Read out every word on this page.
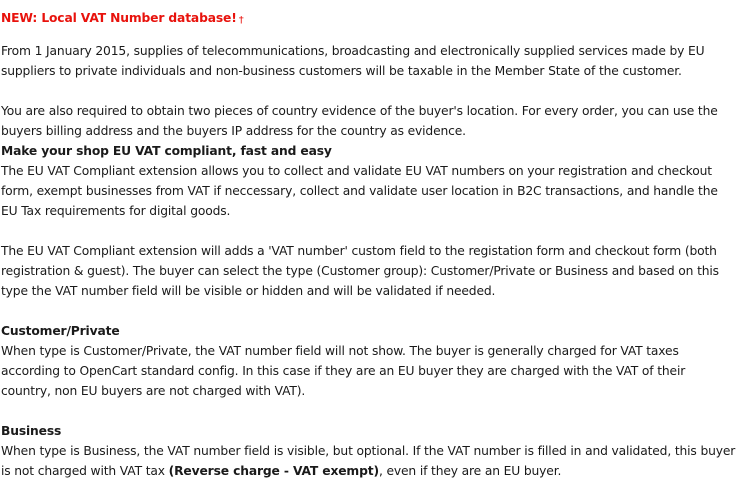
NEW: Local VAT Number database! †

From 1 January 2015, supplies of telecommunications, broadcasting and electronically supplied services made by EU suppliers to private individuals and non-business customers will be taxable in the Member State of the customer.

You are also required to obtain two pieces of country evidence of the buyer's location. For every order, you can use the buyers billing address and the buyers IP address for the country as evidence.

Make your shop EU VAT compliant, fast and easy

The EU VAT Compliant extension allows you to collect and validate EU VAT numbers on your registration and checkout form, exempt businesses from VAT if neccessary, collect and validate user location in B2C transactions, and handle the EU Tax requirements for digital goods.

The EU VAT Compliant extension will adds a 'VAT number' custom field to the registation form and checkout form (both registration & guest). The buyer can select the type (Customer group): Customer/Private or Business and based on this type the VAT number field will be visible or hidden and will be validated if needed.

Customer/Private

When type is Customer/Private, the VAT number field will not show. The buyer is generally charged for VAT taxes according to OpenCart standard config. In this case if they are an EU buyer they are charged with the VAT of their country, non EU buyers are not charged with VAT).

Business

When type is Business, the VAT number field is visible, but optional. If the VAT number is filled in and validated, this buyer is not charged with VAT tax (Reverse charge - VAT exempt), even if they are an EU buyer.
